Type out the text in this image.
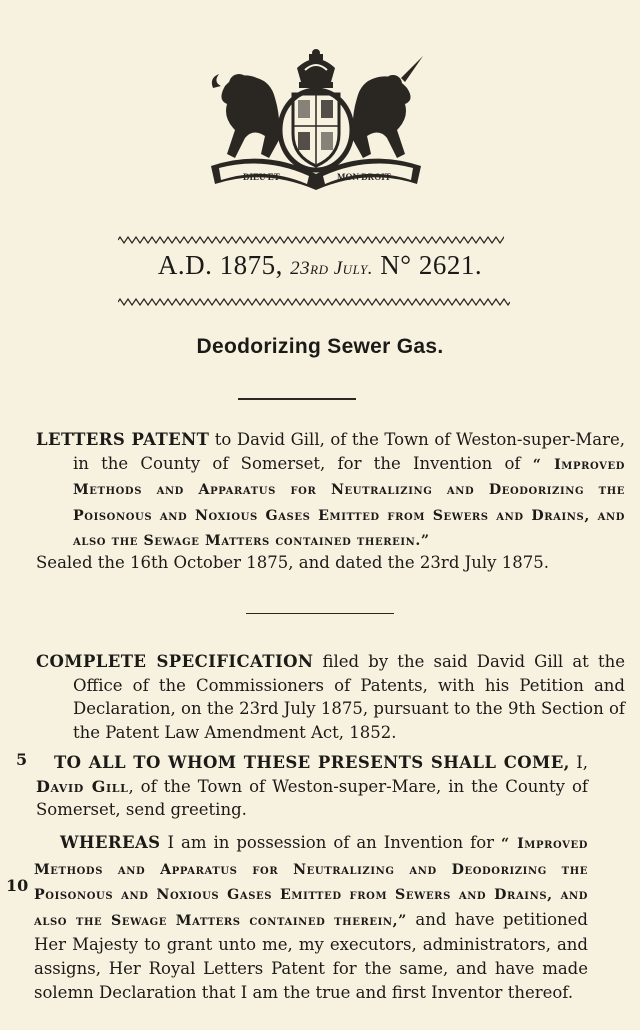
DIEU ET	MON DROIT
A.D. 1875, 23rd July. N° 2621.
Deodorizing Sewer Gas.
LETTERS PATENT to David Gill, of the Town of Weston-super-Mare, in the County of Somerset, for the Invention of “ Improved Methods and Apparatus for Neutralizing and Deodorizing the Poisonous and Noxious Gases Emitted from Sewers and Drains, and also the Sewage Matters contained therein.”
Sealed the 16th October 1875, and dated the 23rd July 1875.
COMPLETE SPECIFICATION filed by the said David Gill at the Office of the Commissioners of Patents, with his Petition and Declaration, on the 23rd July 1875, pursuant to the 9th Section of the Patent Law Amendment Act, 1852.
5	TO ALL TO WHOM THESE PRESENTS SHALL COME, I, David Gill, of the Town of Weston-super-Mare, in the County of Somerset, send greeting.
10
WHEREAS I am in possession of an Invention for “ Improved Methods and Apparatus for Neutralizing and Deodorizing the Poisonous and Noxious Gases Emitted from Sewers and Drains, and also the Sewage Matters contained therein,” and have petitioned Her Majesty to grant unto me, my executors, administrators, and assigns, Her Royal Letters Patent for the same, and have made solemn Declaration that I am the true and first Inventor thereof.
